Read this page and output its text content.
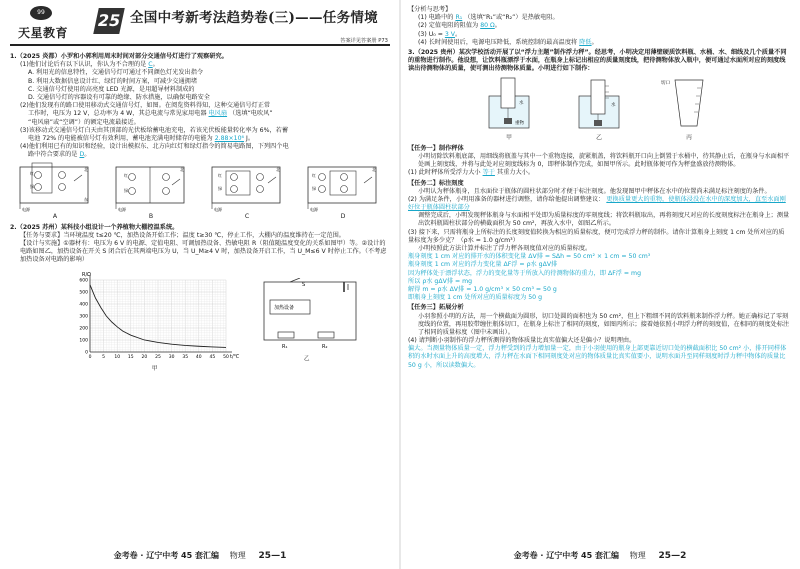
99
天星教育
25 全国中考新考法趋势卷(三)——任务情境
答案详见答案册 P73

1.（2025 炎都）小罗和小郭利用周末时间对部分交通信号灯进行了观察研究。

(1)他们讨论后有以下认识，你认为不合理的是 C。

A. 利用光的信息特性，交通信号灯可通过不同颜色灯光发出指令

B. 利用大数据信息设计红、绿灯的时间方案，可减少交通拥堵

C. 交通信号灯使用的高亮度 LED 光源，是用超导材料制成的

D. 交通信号灯的容器设有可靠的绝缘、防水措施，以确保电路安全

(2)他们发现有的路口使用移动式交通信号灯，如图。在阅览资料得知，这种交通信号灯正常

工作时，电压为 12 V，总功率为 4 W，其总电流与常见家用电器 电风扇 （选填“电吹风”

“电风扇”或“空调”）的额定电流最接近。

(3)该移动式交通信号灯白天由其顶部的光伏板给蓄电池充电，若该光伏板能量转化率为 6%，若蓄

电池 72% 的电能被信号灯有效利用，蓄电池充满电时储存的电能为 2.88×10⁶ J。

(4)他们利用已有的知识和经验，设计出模拟东、北方向红灯和绿灯指令的简易电路图，下列四个电

路中符合要求的是 D。

红
绿
北
东
电源
A
红
绿
北
电源
B
红
绿
北
电源
C
红
绿
北
电源
D

2.（2025 苏州）某科技小组设计一个养植物大棚控温系统。

【任务与要求】当环境温度 t≤20 ℃，加热设备开始工作；温度 t≥30 ℃，停止工作，大棚内的温度维持在一定范围。

【设计与实施】①器材有：电压为 6 V 的电源、定值电阻、可调加热设备、热敏电阻 R（阻值随温度变化的关系如图甲）等。②设计的电路如图乙，加热设备在开关 S 闭合后在其两端电压为 U，当 U_M≥4 V 时，加热设备开启工作，当 U_M≤6 V 时停止工作。（不考虑加热设备对电路的影响）

R/Ω
t/℃
甲
0 5 10 15 20 25 30 35 40 45 50
0
100
200
300
400
500
600
S
加热设备
R₁	R₂
乙
金考卷 · 辽宁中考 45 套汇编 物理 25—1

【分析与思考】

(1) 电路中的 R₁ （选填“R₁”或“R₂”）是热敏电阻。

(2) 定值电阻的阻值为 80 Ω。

(3) U₀ = 3 V。

(4) 长时间使用后，电源电压降低，系统控制的最高温度将 降低。

3.（2025 贵州）某次学校活动开展了以“浮力主题”制作浮力秤”。经思考，小明决定用薄壁硬质饮料瓶、水桶、水、细线及几个质量不同的重物进行制作。他设想，让饮料瓶漂浮于水面，在瓶身上标记出相应的质量刻度线，把待测物体放入瓶中，便可通过水面所对应的刻度线读出待测物体的质量，使可测出待测物体质量。小明进行如下制作：

重物
水
甲
水
乙
切口
丙

【任务一】制作秤体

小明切除饮料瓶底部，用细线将瓶盖与其中一个重物连接，旋紧瓶盖，将饮料瓶开口向上倒置于水桶中，待其静止后，在瓶身与水面相平处画上刻度线，并将与此处对应刻度线标为 0，即秤体制作完成，如图甲所示。此时瓶体便可作为秤盘盛放待测物体。

(1) 此时秤体所受浮力大小 等于 其重力大小。

【任务二】标注刻度

小明认为秤体瓶身，且水面位于瓶体的圆柱状部分时才便于标注刻度。他发现图甲中秤体在水中的位置尚未满足标注刻度的条件。

(2) 为满足条件，小明用准备的器材进行调整，请你给他提出调整建议： 更换质量更大的重物，使瓶体浸没在水中的深度加大，直至水面刚好位于瓶体圆柱状部分

调整完成后，小明发现秤体瓶身与水面相平处即为质量标度的零刻度线；将饮料瓶取出，再将刻度尺对应的长度刻度标注在瓶身上；测量出饮料瓶圆柱状部分的横截面积为 50 cm²，再放入水中，如图乙所示。

(3) 接下来，只需将瓶身上所标注的长度刻度值转换为相应的质量标度，便可完成浮力秤的制作。请你计算瓶身上刻度 1 cm 处所对应的质量标度为多少克？（ρ水 = 1.0 g/cm³）

小明按照此方法计算并标注了浮力秤各刻度值对应的质量标度。

瓶身刻度 1 cm 对应的排开水的体积变化量 ΔV排 = SΔh = 50 cm² × 1 cm = 50 cm³

瓶身刻度 1 cm 对应的浮力变化量 ΔF浮 = ρ水 gΔV排

因为秤体处于漂浮状态，浮力的变化量等于所放入的待测物体的重力，即 ΔF浮 = mg

所以 ρ水 gΔV排 = mg

解得 m = ρ水 ΔV排 = 1.0 g/cm³ × 50 cm³ = 50 g

即瓶身上刻度 1 cm 处所对应的质量标度为 50 g

【任务三】拓展分析

小羽参照小明的方法，用一个横截面为圆形，切口处圆的面积也为 50 cm²，但上下粗细不同的饮料瓶来制作浮力秤。她正确标记了零刻度线的位置，再用胶带缠住瓶体切口，在瓶身上标注了相同的刻度，如图丙所示；接着她依照小明浮力秤的刻度值，在相同的刻度处标注了相同的质量标度（图中未画出）。

(4) 请判断小羽制作的浮力秤所测得的物体质量比真实值偏大还是偏小？说明理由。

偏大。当测量物体质量一定，浮力秤受到的浮力增加量一定，由于小羽使用的瓶身上部更靠近切口处的横截面积比 50 cm² 小，排开同样体积的水时水面上升的高度增大，浮力秤在水面下相同刻度处对应的物体质量比真实值要小，说明水面升至同样刻度时浮力秤中物体的质量比 50 g 小，所以读数偏大。

金考卷 · 辽宁中考 45 套汇编 物理 25—2
